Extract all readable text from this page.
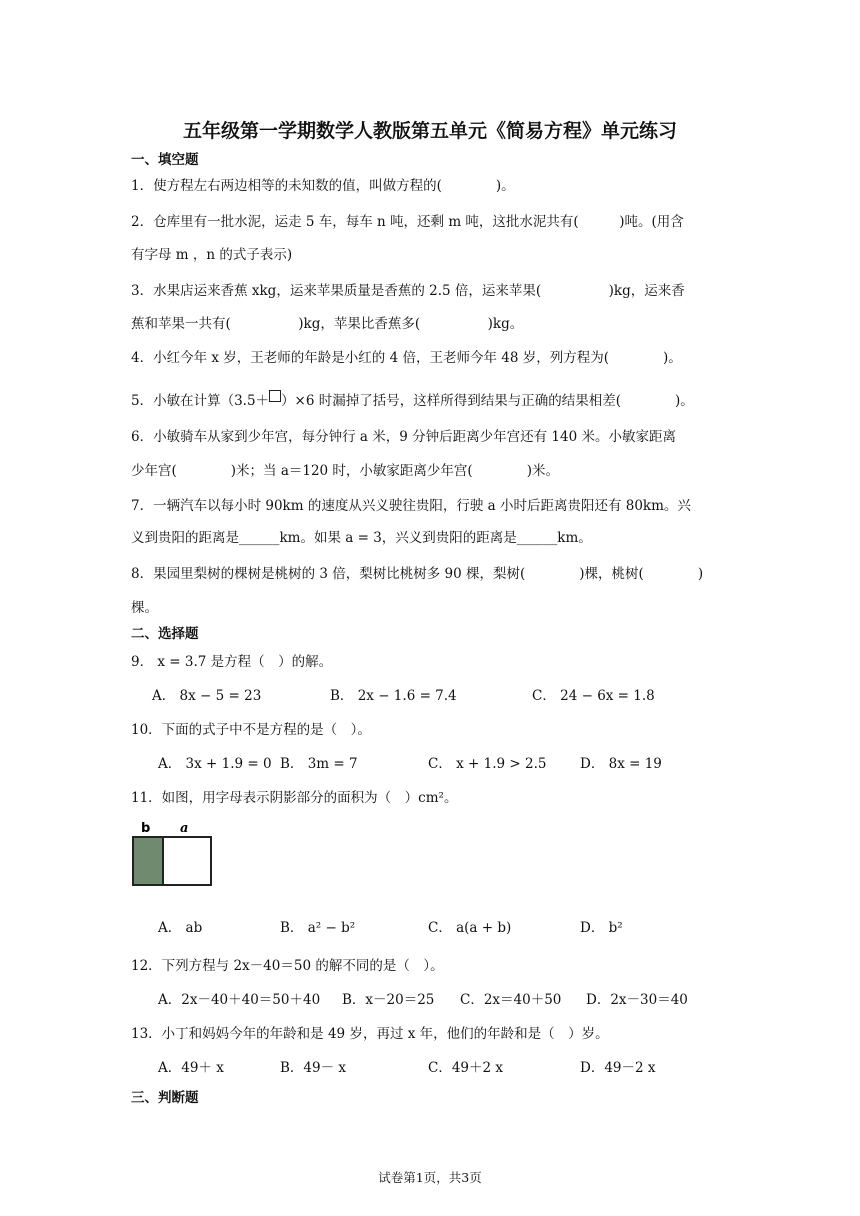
五年级第一学期数学人教版第五单元《简易方程》单元练习
一、填空题
1．使方程左右两边相等的未知数的值，叫做方程的(　　　　)。
2．仓库里有一批水泥，运走 5 车，每车 n 吨，还剩 m 吨，这批水泥共有(　　　)吨。(用含
有字母 m ，n 的式子表示)
3．水果店运来香蕉 xkg，运来苹果质量是香蕉的 2.5 倍，运来苹果(　　　　　)kg，运来香
蕉和苹果一共有(　　　　　)kg，苹果比香蕉多(　　　　　)kg。
4．小红今年 x 岁，王老师的年龄是小红的 4 倍，王老师今年 48 岁，列方程为(　　　　)。
5．小敏在计算（3.5＋ ）×6 时漏掉了括号，这样所得到结果与正确的结果相差(　　　　)。
6．小敏骑车从家到少年宫，每分钟行 a 米，9 分钟后距离少年宫还有 140 米。小敏家距离
少年宫(　　　　)米；当 a＝120 时，小敏家距离少年宫(　　　　)米。
7．一辆汽车以每小时 90km 的速度从兴义驶往贵阳，行驶 a 小时后距离贵阳还有 80km。兴
义到贵阳的距离是______km。如果 a = 3，兴义到贵阳的距离是______km。
8．果园里梨树的棵树是桃树的 3 倍，梨树比桃树多 90 棵，梨树(　　　　)棵，桃树(　　　　)
棵。
二、选择题
9． x = 3.7 是方程（　）的解。
A． 8x − 5 = 23	B． 2x − 1.6 = 7.4	C． 24 − 6x = 1.8
10．下面的式子中不是方程的是（　）。
A． 3x + 1.9 = 0 B． 3m = 7	C． x + 1.9 > 2.5 D． 8x = 19
11．如图，用字母表示阴影部分的面积为（　）cm²。
b a
A． ab	B． a² − b²	C． a(a + b)	D． b²
12．下列方程与 2x－40＝50 的解不同的是（　）。
A．2x－40＋40＝50＋40 B．x－20＝25 C．2x＝40＋50 D．2x－30＝40
13．小丁和妈妈今年的年龄和是 49 岁，再过 x 年，他们的年龄和是（　）岁。
A．49＋ x	B．49－ x	C．49＋2 x	D．49－2 x
三、判断题
试卷第1页，共3页
